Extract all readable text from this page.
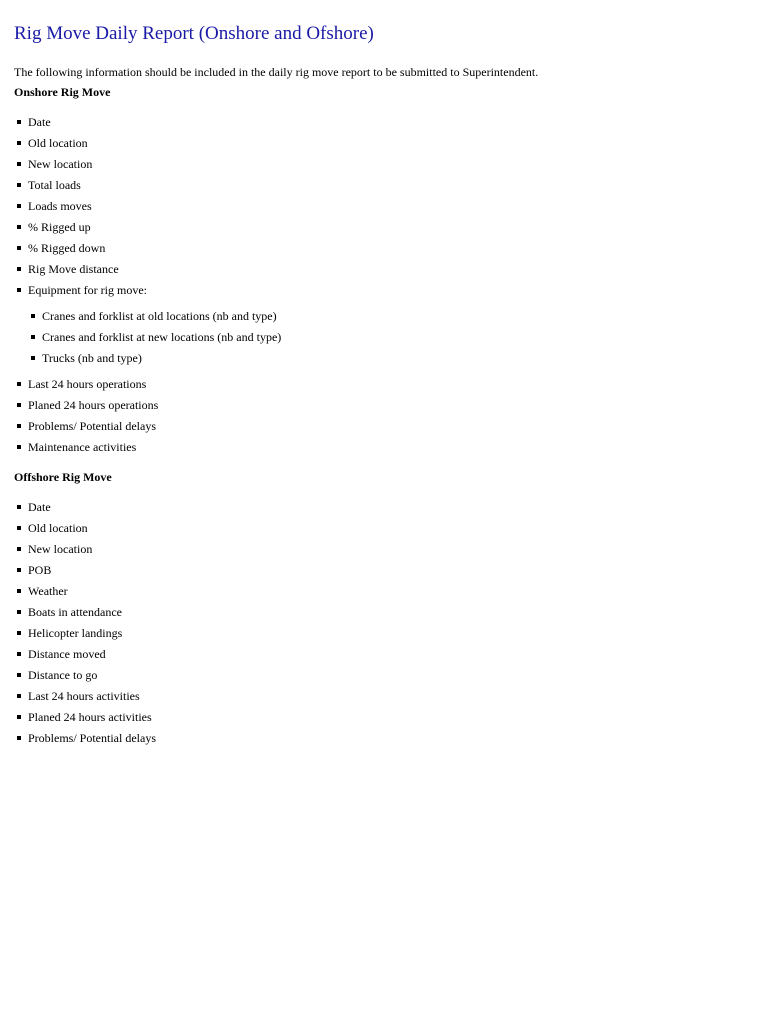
Rig Move Daily Report (Onshore and Ofshore)

The following information should be included in the daily rig move report to be submitted to Superintendent.

Onshore Rig Move
Date
Old location
New location
Total loads
Loads moves
% Rigged up
% Rigged down
Rig Move distance
Equipment for rig move:
Cranes and forklist at old locations (nb and type)
Cranes and forklist at new locations (nb and type)
Trucks (nb and type)
Last 24 hours operations
Planed 24 hours operations
Problems/ Potential delays
Maintenance activities
Offshore Rig Move
Date
Old location
New location
POB
Weather
Boats in attendance
Helicopter landings
Distance moved
Distance to go
Last 24 hours activities
Planed 24 hours activities
Problems/ Potential delays
